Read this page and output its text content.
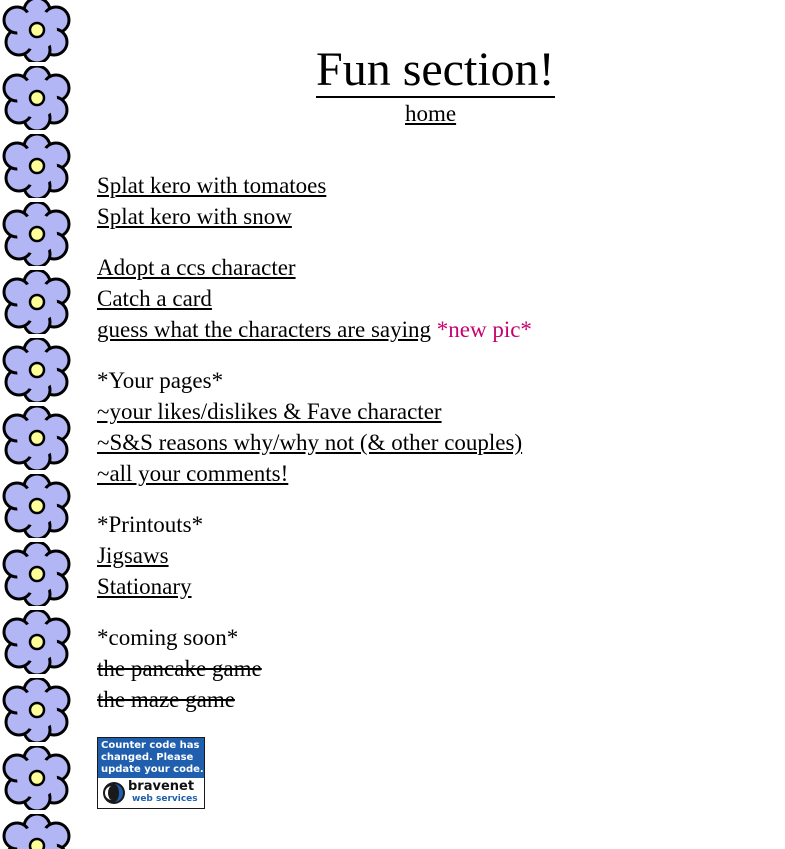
Fun section!
home
Splat kero with tomatoes
Splat kero with snow
Adopt a ccs character
Catch a card
guess what the characters are saying *new pic*
*Your pages*
~your likes/dislikes & Fave character
~S&S reasons why/why not (& other couples)
~all your comments!
*Printouts*
Jigsaws
Stationary
*coming soon*
the pancake game
the maze game
Counter code has
changed. Please
update your code.
bravenet
web services
